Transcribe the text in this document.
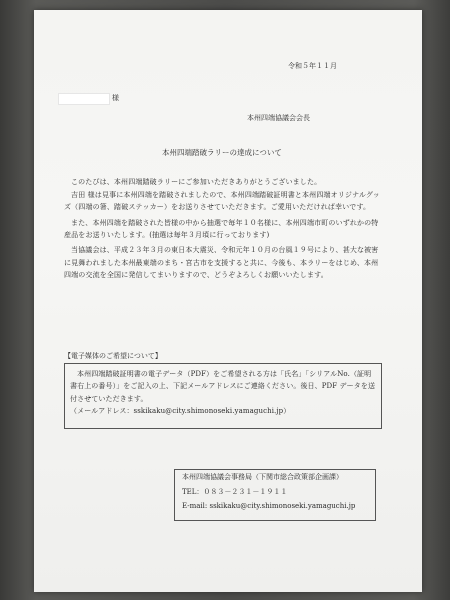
令和５年１１月
様
本州四端協議会会長
本州四端踏破ラリーの達成について

このたびは、本州四端踏破ラリーにご参加いただきありがとうございました。

吉田 様は見事に本州四端を踏破されましたので、本州四端踏破証明書と本州四端オリジナルグッズ（四端の箸、踏破ステッカー）をお送りさせていただきます。ご愛用いただければ幸いです。

また、本州四端を踏破された皆様の中から抽選で毎年１０名様に、本州四端市町のいずれかの特産品をお送りいたします。(抽選は毎年３月頃に行っております)

当協議会は、平成２３年３月の東日本大震災、令和元年１０月の台風１９号により、甚大な被害に見舞われました本州最東端のまち・宮古市を支援すると共に、今後も、本ラリーをはじめ、本州四端の交流を全国に発信してまいりますので、どうぞよろしくお願いいたします。

【電子媒体のご希望について】

本州四端踏破証明書の電子データ（PDF）をご希望される方は「氏名」「シリアルNo.（証明書右上の番号）」をご記入の上、下記メールアドレスにご連絡ください。後日、PDF データを送付させていただきます。

（メールアドレス：sskikaku@city.shimonoseki.yamaguchi.jp）

本州四端協議会事務局（下関市総合政策部企画課）
TEL：０８３－２３１－１９１１
E-mail: sskikaku@city.shimonoseki.yamaguchi.jp
